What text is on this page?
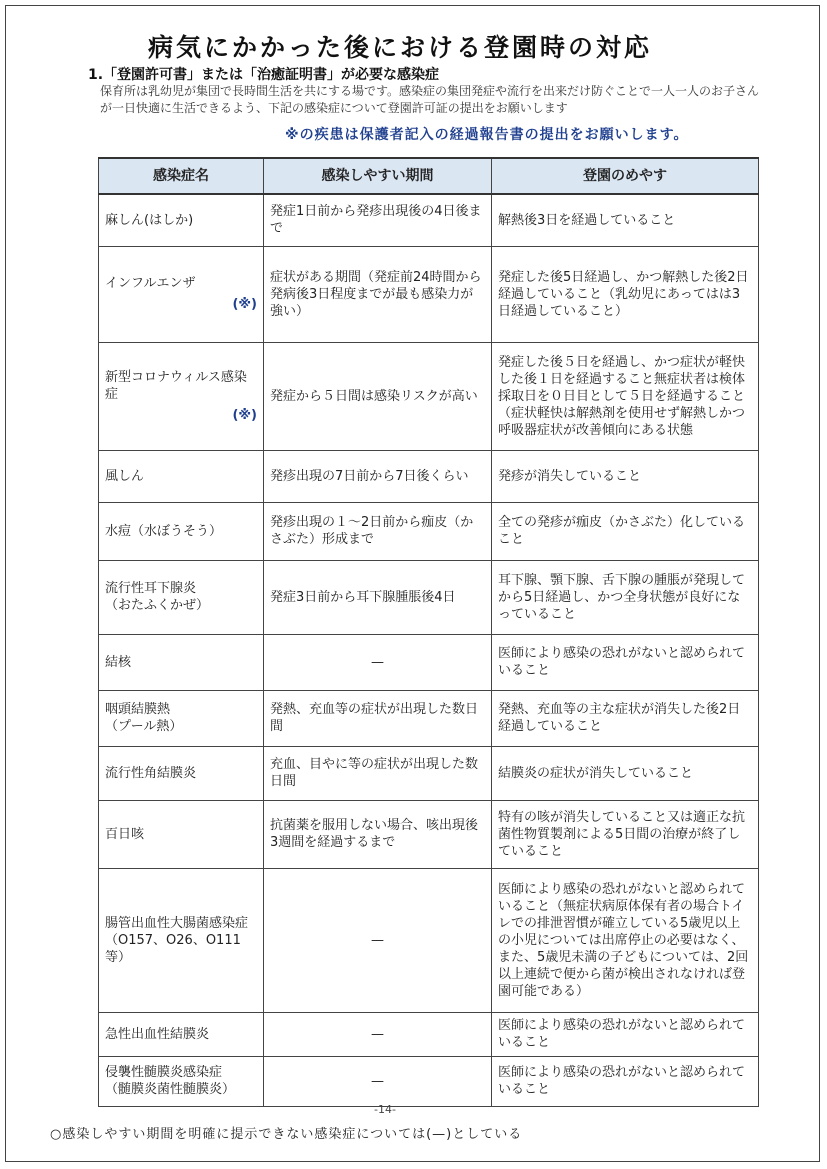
病気にかかった後における登園時の対応
1.「登園許可書」または「治癒証明書」が必要な感染症
保育所は乳幼児が集団で長時間生活を共にする場です。感染症の集団発症や流行を出来だけ防ぐことで一人一人のお子さんが一日快適に生活できるよう、下記の感染症について登園許可証の提出をお願いします
※の疾患は保護者記入の経過報告書の提出をお願いします。
感染症名	感染しやすい期間	登園のめやす

麻しん(はしか)	発症1日前から発疹出現後の4日後まで	解熱後3日を経過していること

インフルエンザ
(※)	症状がある期間（発症前24時間から発病後3日程度までが最も感染力が強い）	発症した後5日経過し、かつ解熱した後2日経過していること（乳幼児にあってはは3日経過していること）

新型コロナウィルス感染症
(※)	発症から５日間は感染リスクが高い	発症した後５日を経過し、かつ症状が軽快した後１日を経過すること無症状者は検体採取日を０日目として５日を経過すること（症状軽快は解熱剤を使用せず解熱しかつ呼吸器症状が改善傾向にある状態

風しん	発疹出現の7日前から7日後くらい	発疹が消失していること

水痘（水ぼうそう）	発疹出現の１～2日前から痂皮（かさぶた）形成まで	全ての発疹が痂皮（かさぶた）化していること

流行性耳下腺炎
（おたふくかぜ）	発症3日前から耳下腺腫脹後4日	耳下腺、顎下腺、舌下腺の腫脹が発現してから5日経過し、かつ全身状態が良好になっていること

結核	—	医師により感染の恐れがないと認められていること

咽頭結膜熱
（プール熱）	発熱、充血等の症状が出現した数日間	発熱、充血等の主な症状が消失した後2日経過していること

流行性角結膜炎	充血、目やに等の症状が出現した数日間	結膜炎の症状が消失していること

百日咳	抗菌薬を服用しない場合、咳出現後3週間を経過するまで	特有の咳が消失していること又は適正な抗菌性物質製剤による5日間の治療が終了していること

腸管出血性大腸菌感染症
（O157、O26、O111等）	—	医師により感染の恐れがないと認められていること（無症状病原体保有者の場合トイレでの排泄習慣が確立している5歳児以上の小児については出席停止の必要はなく、また、5歳児未満の子どもについては、2回以上連続で便から菌が検出されなければ登園可能である）

急性出血性結膜炎	—	医師により感染の恐れがないと認められていること

侵襲性髄膜炎感染症
（髄膜炎菌性髄膜炎）	—	医師により感染の恐れがないと認められていること
-14-
○感染しやすい期間を明確に提示できない感染症については(—)としている
